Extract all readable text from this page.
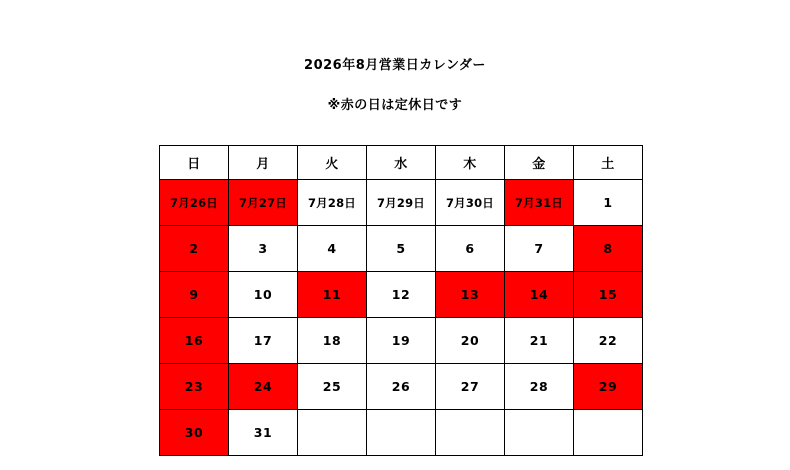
2026年8月営業日カレンダー
※赤の日は定休日です
日	月	火	水	木	金	土
7月26日	7月27日	7月28日	7月29日	7月30日	7月31日	1
2	3	4	5	6	7	8
9	10	11	12	13	14	15
16	17	18	19	20	21	22
23	24	25	26	27	28	29
30	31					
